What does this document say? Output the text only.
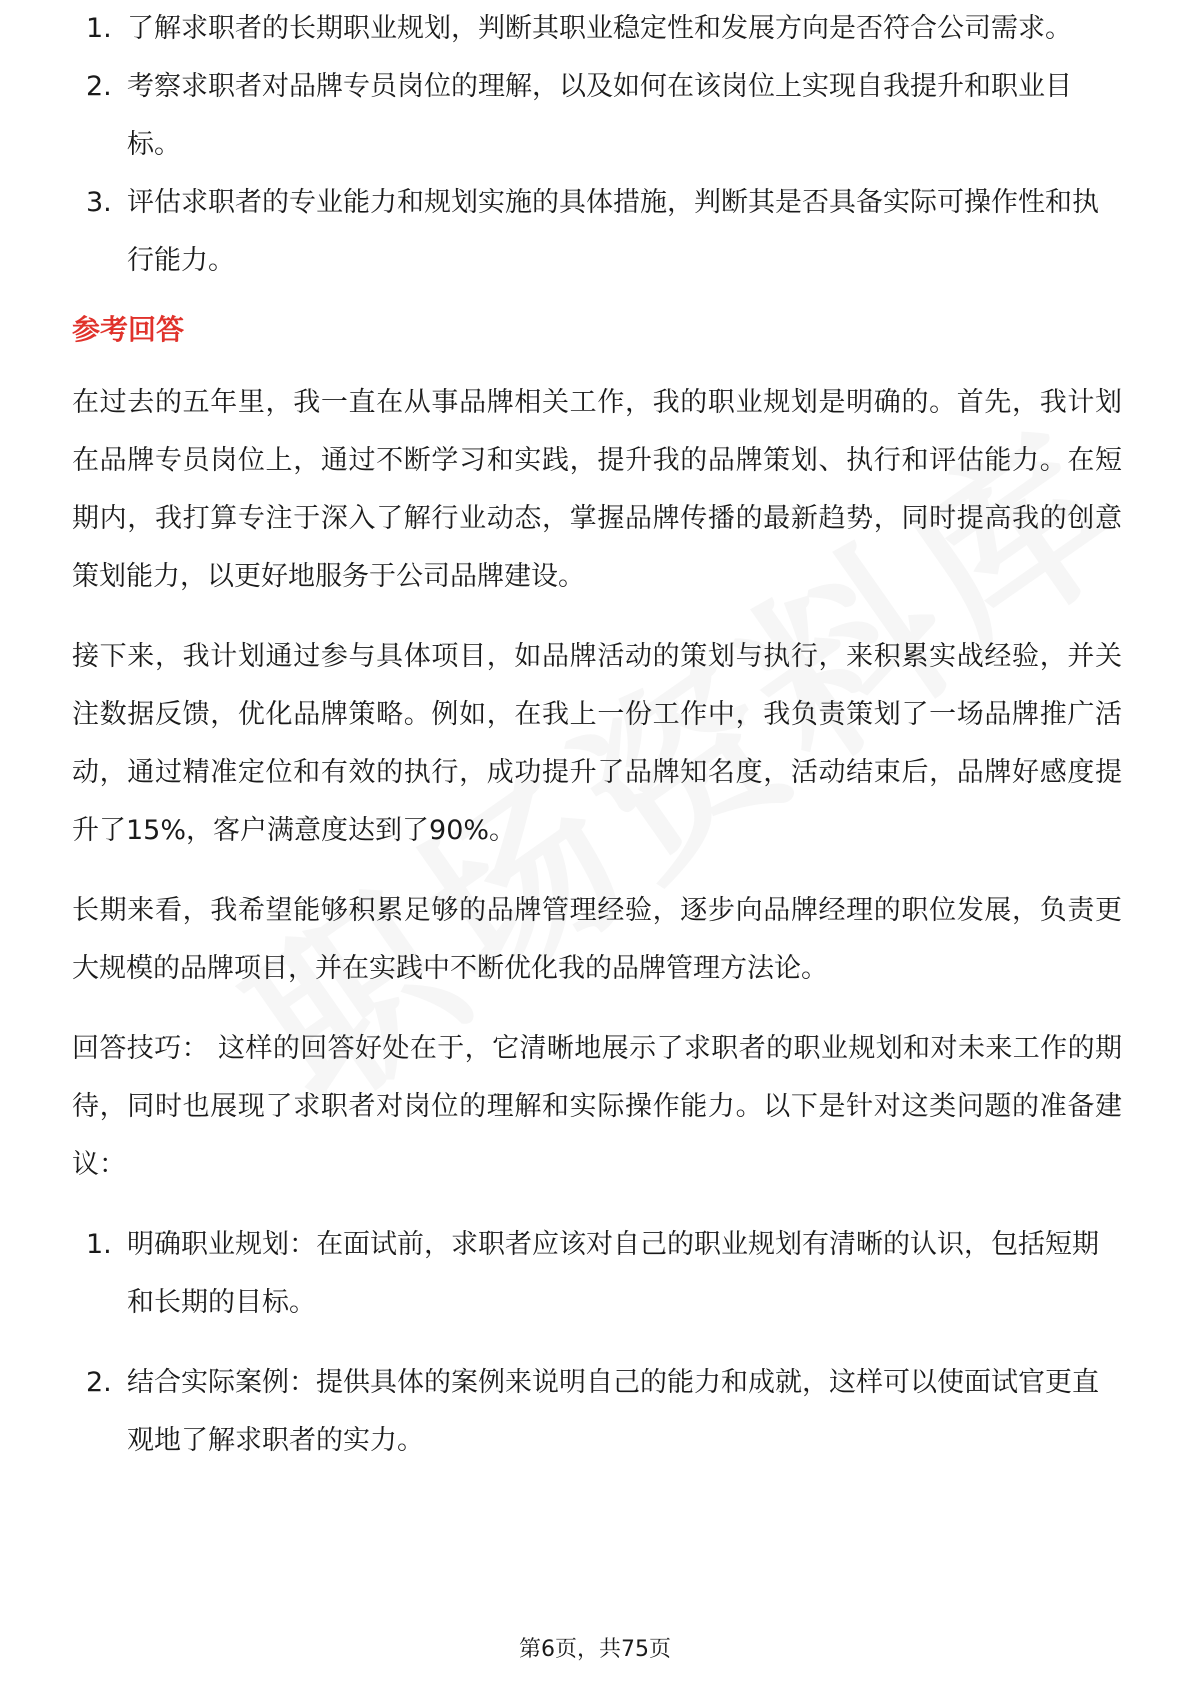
1. 了解求职者的长期职业规划，判断其职业稳定性和发展方向是否符合公司需求。
2. 考察求职者对品牌专员岗位的理解，以及如何在该岗位上实现自我提升和职业目标。
3. 评估求职者的专业能力和规划实施的具体措施，判断其是否具备实际可操作性和执行能力。
参考回答

在过去的五年里，我一直在从事品牌相关工作，我的职业规划是明确的。首先，我计划在品牌专员岗位上，通过不断学习和实践，提升我的品牌策划、执行和评估能力。在短期内，我打算专注于深入了解行业动态，掌握品牌传播的最新趋势，同时提高我的创意策划能力，以更好地服务于公司品牌建设。

接下来，我计划通过参与具体项目，如品牌活动的策划与执行，来积累实战经验，并关注数据反馈，优化品牌策略。例如，在我上一份工作中，我负责策划了一场品牌推广活动，通过精准定位和有效的执行，成功提升了品牌知名度，活动结束后，品牌好感度提升了15%，客户满意度达到了90%。

长期来看，我希望能够积累足够的品牌管理经验，逐步向品牌经理的职位发展，负责更大规模的品牌项目，并在实践中不断优化我的品牌管理方法论。

回答技巧： 这样的回答好处在于，它清晰地展示了求职者的职业规划和对未来工作的期待，同时也展现了求职者对岗位的理解和实际操作能力。以下是针对这类问题的准备建议：

1. 明确职业规划：在面试前，求职者应该对自己的职业规划有清晰的认识，包括短期和长期的目标。
2. 结合实际案例：提供具体的案例来说明自己的能力和成就，这样可以使面试官更直观地了解求职者的实力。
第6页，共75页
